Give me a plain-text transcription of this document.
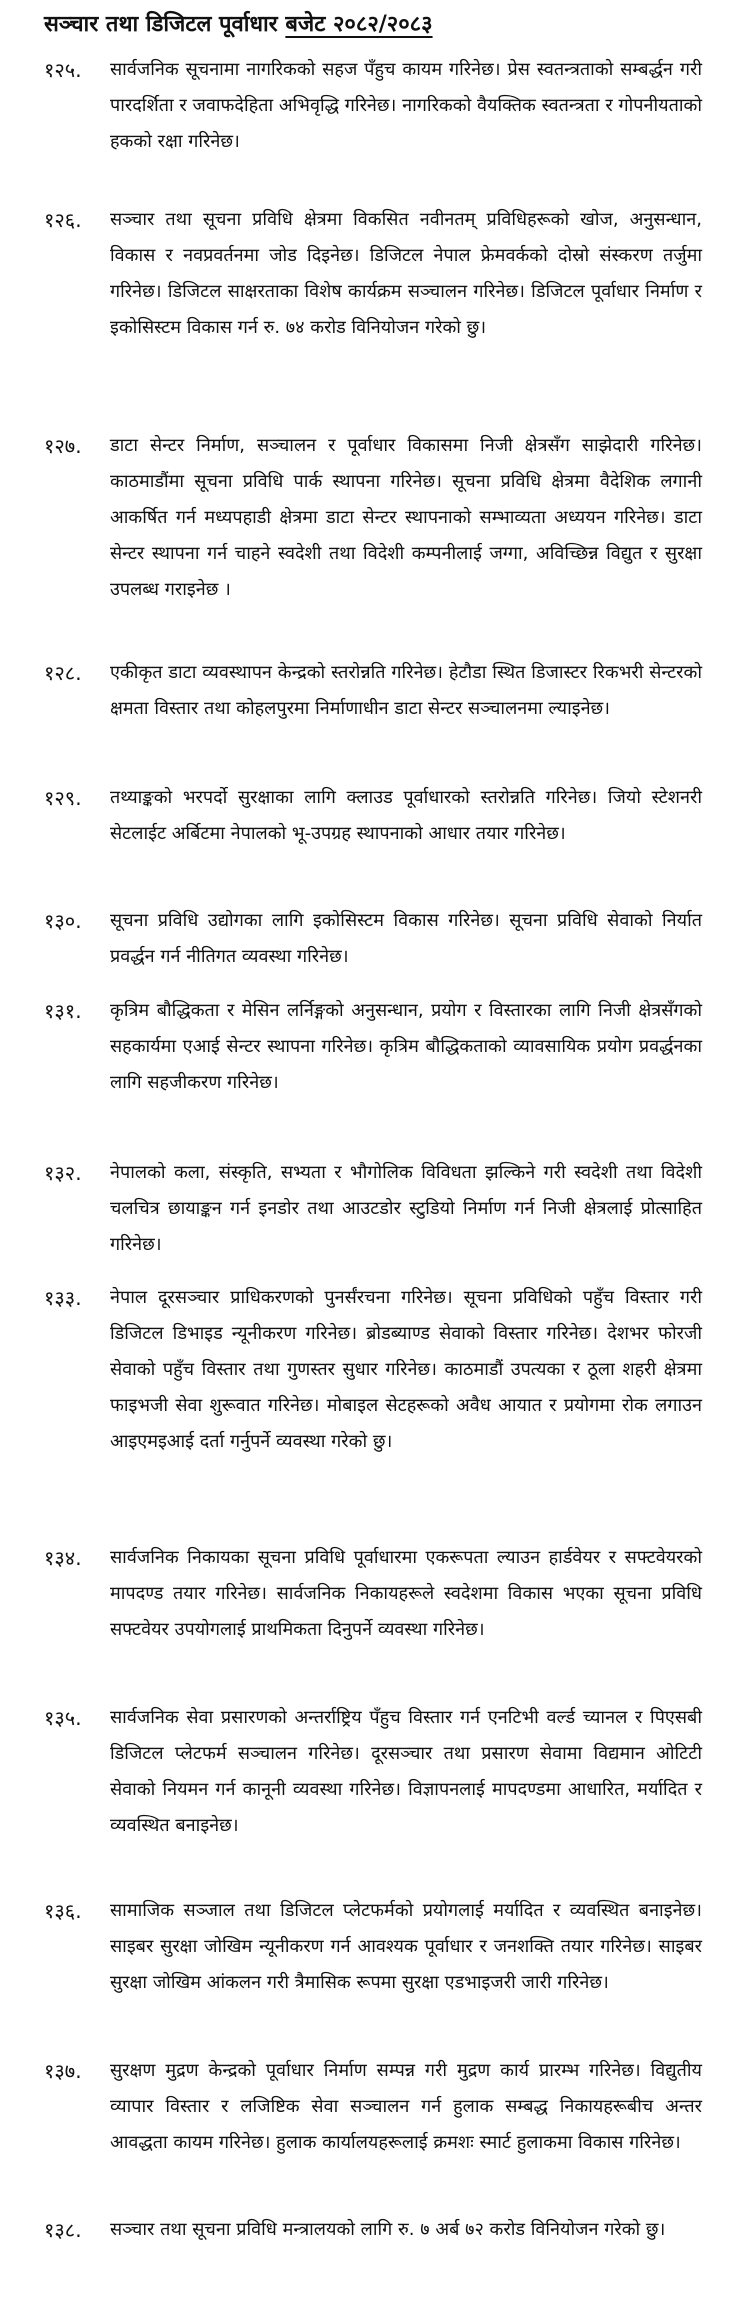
सञ्चार तथा डिजिटल पूर्वाधार बजेट २०८२/२०८३
१२५.	सार्वजनिक सूचनामा नागरिकको सहज पँहुच कायम गरिनेछ। प्रेस स्वतन्त्रताको सम्बर्द्धन गरी पारदर्शिता र जवाफदेहिता अभिवृद्धि गरिनेछ। नागरिकको वैयक्तिक स्वतन्त्रता र गोपनीयताको हकको रक्षा गरिनेछ।

१२६.	सञ्चार तथा सूचना प्रविधि क्षेत्रमा विकसित नवीनतम् प्रविधिहरूको खोज, अनुसन्धान, विकास र नवप्रवर्तनमा जोड दिइनेछ। डिजिटल नेपाल फ्रेमवर्कको दोस्रो संस्करण तर्जुमा गरिनेछ। डिजिटल साक्षरताका विशेष कार्यक्रम सञ्चालन गरिनेछ। डिजिटल पूर्वाधार निर्माण र इकोसिस्टम विकास गर्न रु. ७४ करोड विनियोजन गरेको छु।

१२७.	डाटा सेन्टर निर्माण, सञ्चालन र पूर्वाधार विकासमा निजी क्षेत्रसँग साझेदारी गरिनेछ। काठमाडौंमा सूचना प्रविधि पार्क स्थापना गरिनेछ। सूचना प्रविधि क्षेत्रमा वैदेशिक लगानी आकर्षित गर्न मध्यपहाडी क्षेत्रमा डाटा सेन्टर स्थापनाको सम्भाव्यता अध्ययन गरिनेछ। डाटा सेन्टर स्थापना गर्न चाहने स्वदेशी तथा विदेशी कम्पनीलाई जग्गा, अविच्छिन्न विद्युत र सुरक्षा उपलब्ध गराइनेछ ।

१२८.	एकीकृत डाटा व्यवस्थापन केन्द्रको स्तरोन्नति गरिनेछ। हेटौडा स्थित डिजास्टर रिकभरी सेन्टरको क्षमता विस्तार तथा कोहलपुरमा निर्माणाधीन डाटा सेन्टर सञ्चालनमा ल्याइनेछ।

१२९.	तथ्याङ्कको भरपर्दो सुरक्षाका लागि क्लाउड पूर्वाधारको स्तरोन्नति गरिनेछ। जियो स्टेशनरी सेटलाईट अर्बिटमा नेपालको भू-उपग्रह स्थापनाको आधार तयार गरिनेछ।

१३०.	सूचना प्रविधि उद्योगका लागि इकोसिस्टम विकास गरिनेछ। सूचना प्रविधि सेवाको निर्यात प्रवर्द्धन गर्न नीतिगत व्यवस्था गरिनेछ।

१३१.	कृत्रिम बौद्धिकता र मेसिन लर्निङ्गको अनुसन्धान, प्रयोग र विस्तारका लागि निजी क्षेत्रसँगको सहकार्यमा एआई सेन्टर स्थापना गरिनेछ। कृत्रिम बौद्धिकताको व्यावसायिक प्रयोग प्रवर्द्धनका लागि सहजीकरण गरिनेछ।

१३२.	नेपालको कला, संस्कृति, सभ्यता र भौगोलिक विविधता झल्किने गरी स्वदेशी तथा विदेशी चलचित्र छायाङ्कन गर्न इनडोर तथा आउटडोर स्टुडियो निर्माण गर्न निजी क्षेत्रलाई प्रोत्साहित गरिनेछ।

१३३.	नेपाल दूरसञ्चार प्राधिकरणको पुनर्संरचना गरिनेछ। सूचना प्रविधिको पहुँच विस्तार गरी डिजिटल डिभाइड न्यूनीकरण गरिनेछ। ब्रोडब्याण्ड सेवाको विस्तार गरिनेछ। देशभर फोरजी सेवाको पहुँच विस्तार तथा गुणस्तर सुधार गरिनेछ। काठमाडौं उपत्यका र ठूला शहरी क्षेत्रमा फाइभजी सेवा शुरूवात गरिनेछ। मोबाइल सेटहरूको अवैध आयात र प्रयोगमा रोक लगाउन आइएमइआई दर्ता गर्नुपर्ने व्यवस्था गरेको छु।

१३४.	सार्वजनिक निकायका सूचना प्रविधि पूर्वाधारमा एकरूपता ल्याउन हार्डवेयर र सफ्टवेयरको मापदण्ड तयार गरिनेछ। सार्वजनिक निकायहरूले स्वदेशमा विकास भएका सूचना प्रविधि सफ्टवेयर उपयोगलाई प्राथमिकता दिनुपर्ने व्यवस्था गरिनेछ।

१३५.	सार्वजनिक सेवा प्रसारणको अन्तर्राष्ट्रिय पँहुच विस्तार गर्न एनटिभी वर्ल्ड च्यानल र पिएसबी डिजिटल प्लेटफर्म सञ्चालन गरिनेछ। दूरसञ्चार तथा प्रसारण सेवामा विद्यमान ओटिटी सेवाको नियमन गर्न कानूनी व्यवस्था गरिनेछ। विज्ञापनलाई मापदण्डमा आधारित, मर्यादित र व्यवस्थित बनाइनेछ।

१३६.	सामाजिक सञ्जाल तथा डिजिटल प्लेटफर्मको प्रयोगलाई मर्यादित र व्यवस्थित बनाइनेछ। साइबर सुरक्षा जोखिम न्यूनीकरण गर्न आवश्यक पूर्वाधार र जनशक्ति तयार गरिनेछ। साइबर सुरक्षा जोखिम आंकलन गरी त्रैमासिक रूपमा सुरक्षा एडभाइजरी जारी गरिनेछ।

१३७.	सुरक्षण मुद्रण केन्द्रको पूर्वाधार निर्माण सम्पन्न गरी मुद्रण कार्य प्रारम्भ गरिनेछ। विद्युतीय व्यापार विस्तार र लजिष्टिक सेवा सञ्चालन गर्न हुलाक सम्बद्ध निकायहरूबीच अन्तर आवद्धता कायम गरिनेछ। हुलाक कार्यालयहरूलाई क्रमशः स्मार्ट हुलाकमा विकास गरिनेछ।

१३८.	सञ्चार तथा सूचना प्रविधि मन्त्रालयको लागि रु. ७ अर्ब ७२ करोड विनियोजन गरेको छु।
